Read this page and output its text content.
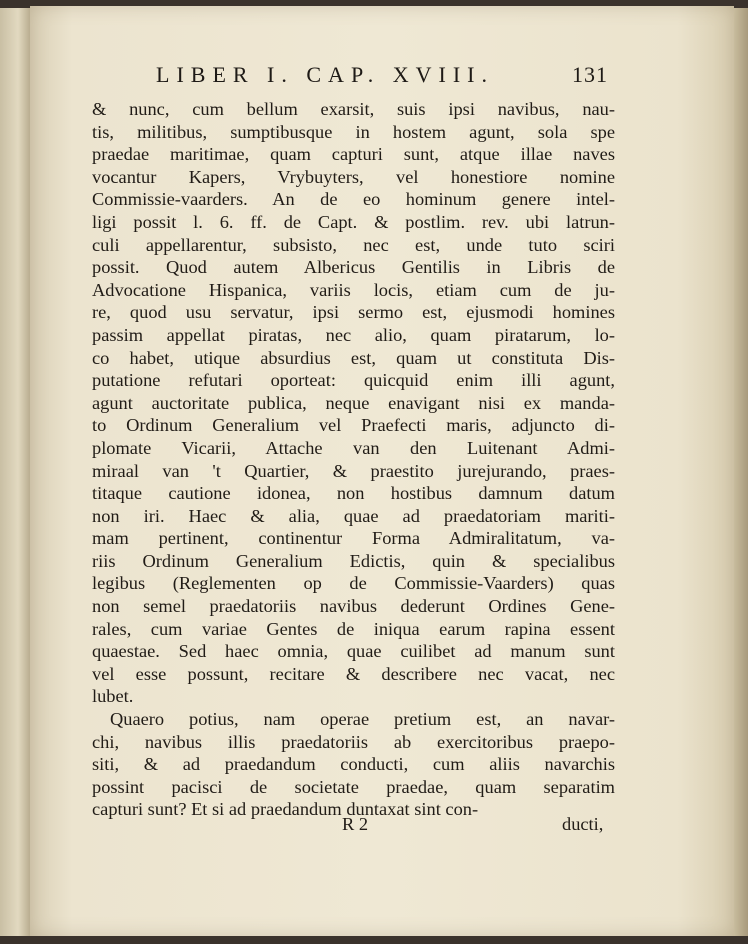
LIBER I. CAP. XVIII.	131
& nunc, cum bellum exarsit, suis ipsi navibus, nau-
tis, militibus, sumptibusque in hostem agunt, sola spe
praedae maritimae, quam capturi sunt, atque illae naves
vocantur Kapers, Vrybuyters, vel honestiore nomine
Commissie-vaarders. An de eo hominum genere intel-
ligi possit l. 6. ff. de Capt. & postlim. rev. ubi latrun-
culi appellarentur, subsisto, nec est, unde tuto sciri
possit. Quod autem Albericus Gentilis in Libris de
Advocatione Hispanica, variis locis, etiam cum de ju-
re, quod usu servatur, ipsi sermo est, ejusmodi homines
passim appellat piratas, nec alio, quam piratarum, lo-
co habet, utique absurdius est, quam ut constituta Dis-
putatione refutari oporteat: quicquid enim illi agunt,
agunt auctoritate publica, neque enavigant nisi ex manda-
to Ordinum Generalium vel Praefecti maris, adjuncto di-
plomate Vicarii, Attache van den Luitenant Admi-
miraal van 't Quartier, & praestito jurejurando, praes-
titaque cautione idonea, non hostibus damnum datum
non iri. Haec & alia, quae ad praedatoriam mariti-
mam pertinent, continentur Forma Admiralitatum, va-
riis Ordinum Generalium Edictis, quin & specialibus
legibus (Reglementen op de Commissie-Vaarders) quas
non semel praedatoriis navibus dederunt Ordines Gene-
rales, cum variae Gentes de iniqua earum rapina essent
quaestae. Sed haec omnia, quae cuilibet ad manum sunt
vel esse possunt, recitare & describere nec vacat, nec
lubet.
Quaero potius, nam operae pretium est, an navar-
chi, navibus illis praedatoriis ab exercitoribus praepo-
siti, & ad praedandum conducti, cum aliis navarchis
possint pacisci de societate praedae, quam separatim
capturi sunt? Et si ad praedandum duntaxat sint con-
R 2	ducti,
